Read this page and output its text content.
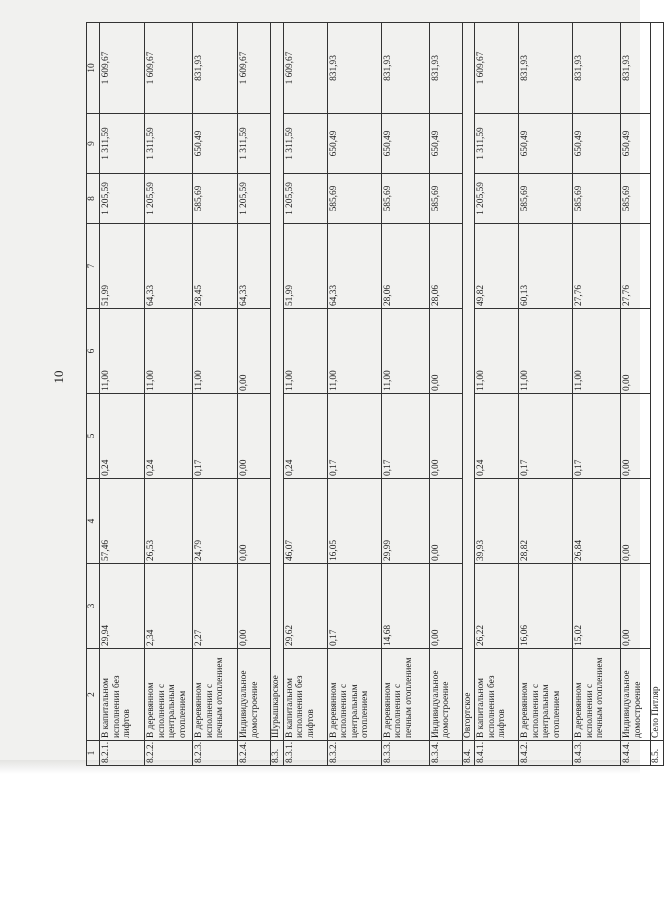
10
1	2	3	4	5	6	7	8	9	10
8.2.1.	В капитальном исполнении без лифтов	29,94	57,46	0,24	11,00	51,99	1 205,59	1 311,59	1 609,67
8.2.2.	В деревянном исполнении с центральным отоплением	2,34	26,53	0,24	11,00	64,33	1 205,59	1 311,59	1 609,67
8.2.3.	В деревянном исполнении с печным отоплением	2,27	24,79	0,17	11,00	28,45	585,69	650,49	831,93
8.2.4.	Индивидуальное домостроение	0,00	0,00	0,00	0,00	64,33	1 205,59	1 311,59	1 609,67
8.3.	Шурышкарское								
8.3.1.	В капитальном исполнении без лифтов	29,62	46,07	0,24	11,00	51,99	1 205,59	1 311,59	1 609,67
8.3.2.	В деревянном исполнении с центральным отоплением	0,17	16,05	0,17	11,00	64,33	585,69	650,49	831,93
8.3.3.	В деревянном исполнении с печным отоплением	14,68	29,99	0,17	11,00	28,06	585,69	650,49	831,93
8.3.4.	Индивидуальное домостроение	0,00	0,00	0,00	0,00	28,06	585,69	650,49	831,93
8.4.	Овгортское								
8.4.1.	В капитальном исполнении без лифтов	26,22	39,93	0,24	11,00	49,82	1 205,59	1 311,59	1 609,67
8.4.2.	В деревянном исполнении с центральным отоплением	16,06	28,82	0,17	11,00	60,13	585,69	650,49	831,93
8.4.3.	В деревянном исполнении с печным отоплением	15,02	26,84	0,17	11,00	27,76	585,69	650,49	831,93
8.4.4.	Индивидуальное домостроение	0,00	0,00	0,00	0,00	27,76	585,69	650,49	831,93
8.5.	Село Питляр								
